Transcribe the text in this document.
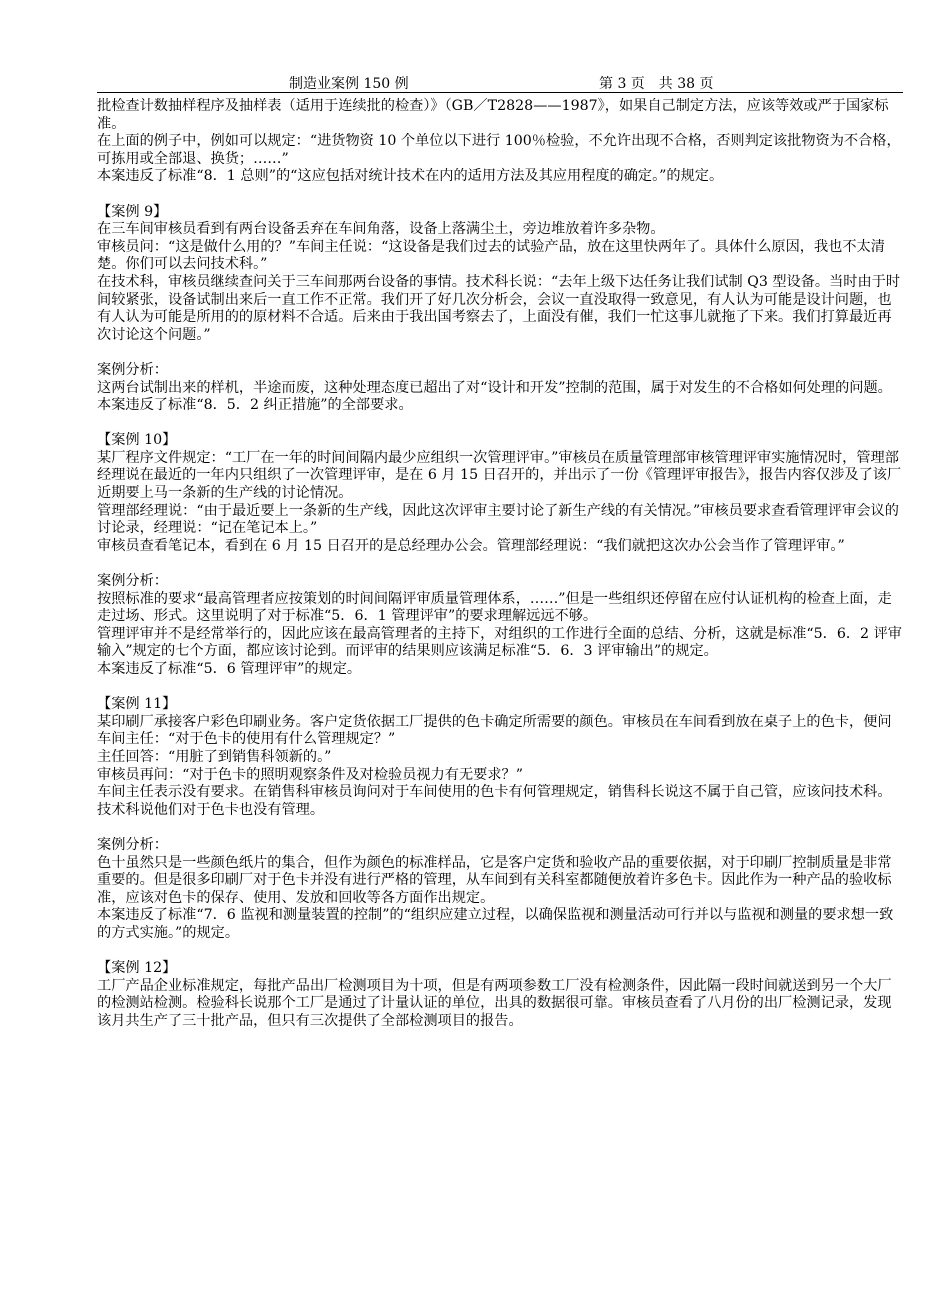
制造业案例 150 例	第 3 页　共 38 页

批检查计数抽样程序及抽样表（适用于连续批的检查）》（GB／T2828——1987》，如果自己制定方法，应该等效或严于国家标准。

在上面的例子中，例如可以规定：“进货物资 10 个单位以下进行 100％检验，不允许出现不合格，否则判定该批物资为不合格，可拣用或全部退、换货；……”

本案违反了标准“8．1 总则”的“这应包括对统计技术在内的适用方法及其应用程度的确定。”的规定。

【案例 9】

在三车间审核员看到有两台设备丢弃在车间角落，设备上落满尘土，旁边堆放着许多杂物。

审核员问：“这是做什么用的？”车间主任说：“这设备是我们过去的试验产品，放在这里快两年了。具体什么原因，我也不太清楚。你们可以去问技术科。”

在技术科，审核员继续查问关于三车间那两台设备的事情。技术科长说：“去年上级下达任务让我们试制 Q3 型设备。当时由于时间较紧张，设备试制出来后一直工作不正常。我们开了好几次分析会，会议一直没取得一致意见，有人认为可能是设计问题，也有人认为可能是所用的的原材料不合适。后来由于我出国考察去了，上面没有催，我们一忙这事儿就拖了下来。我们打算最近再次讨论这个问题。”

案例分析：

这两台试制出来的样机，半途而废，这种处理态度已超出了对“设计和开发”控制的范围，属于对发生的不合格如何处理的问题。

本案违反了标准“8．5．2 纠正措施”的全部要求。

【案例 10】

某厂程序文件规定：“工厂在一年的时间间隔内最少应组织一次管理评审。”审核员在质量管理部审核管理评审实施情况时，管理部经理说在最近的一年内只组织了一次管理评审，是在 6 月 15 日召开的，并出示了一份《管理评审报告》，报告内容仅涉及了该厂近期要上马一条新的生产线的讨论情况。

管理部经理说：“由于最近要上一条新的生产线，因此这次评审主要讨论了新生产线的有关情况。”审核员要求查看管理评审会议的讨论录，经理说：“记在笔记本上。”

审核员查看笔记本，看到在 6 月 15 日召开的是总经理办公会。管理部经理说：“我们就把这次办公会当作了管理评审。”

案例分析：

按照标准的要求“最高管理者应按策划的时间间隔评审质量管理体系，……”但是一些组织还停留在应付认证机构的检查上面，走走过场、形式。这里说明了对于标准“5．6．1 管理评审”的要求理解远远不够。

管理评审并不是经常举行的，因此应该在最高管理者的主持下，对组织的工作进行全面的总结、分析，这就是标准“5．6．2 评审输入”规定的七个方面，都应该讨论到。而评审的结果则应该满足标准“5．6．3 评审输出”的规定。

本案违反了标准“5．6 管理评审”的规定。

【案例 11】

某印刷厂承接客户彩色印刷业务。客户定货依据工厂提供的色卡确定所需要的颜色。审核员在车间看到放在桌子上的色卡，便问车间主任：“对于色卡的使用有什么管理规定？”

主任回答：“用脏了到销售科领新的。”

审核员再问：“对于色卡的照明观察条件及对检验员视力有无要求？”

车间主任表示没有要求。在销售科审核员询问对于车间使用的色卡有何管理规定，销售科长说这不属于自己管，应该问技术科。技术科说他们对于色卡也没有管理。

案例分析：

色十虽然只是一些颜色纸片的集合，但作为颜色的标准样品，它是客户定货和验收产品的重要依据，对于印刷厂控制质量是非常重要的。但是很多印刷厂对于色卡并没有进行严格的管理，从车间到有关科室都随便放着许多色卡。因此作为一种产品的验收标准，应该对色卡的保存、使用、发放和回收等各方面作出规定。

本案违反了标准“7．6 监视和测量装置的控制”的“组织应建立过程，以确保监视和测量活动可行并以与监视和测量的要求想一致的方式实施。”的规定。

【案例 12】

工厂产品企业标准规定，每批产品出厂检测项目为十项，但是有两项参数工厂没有检测条件，因此隔一段时间就送到另一个大厂的检测站检测。检验科长说那个工厂是通过了计量认证的单位，出具的数据很可靠。审核员查看了八月份的出厂检测记录，发现该月共生产了三十批产品，但只有三次提供了全部检测项目的报告。
